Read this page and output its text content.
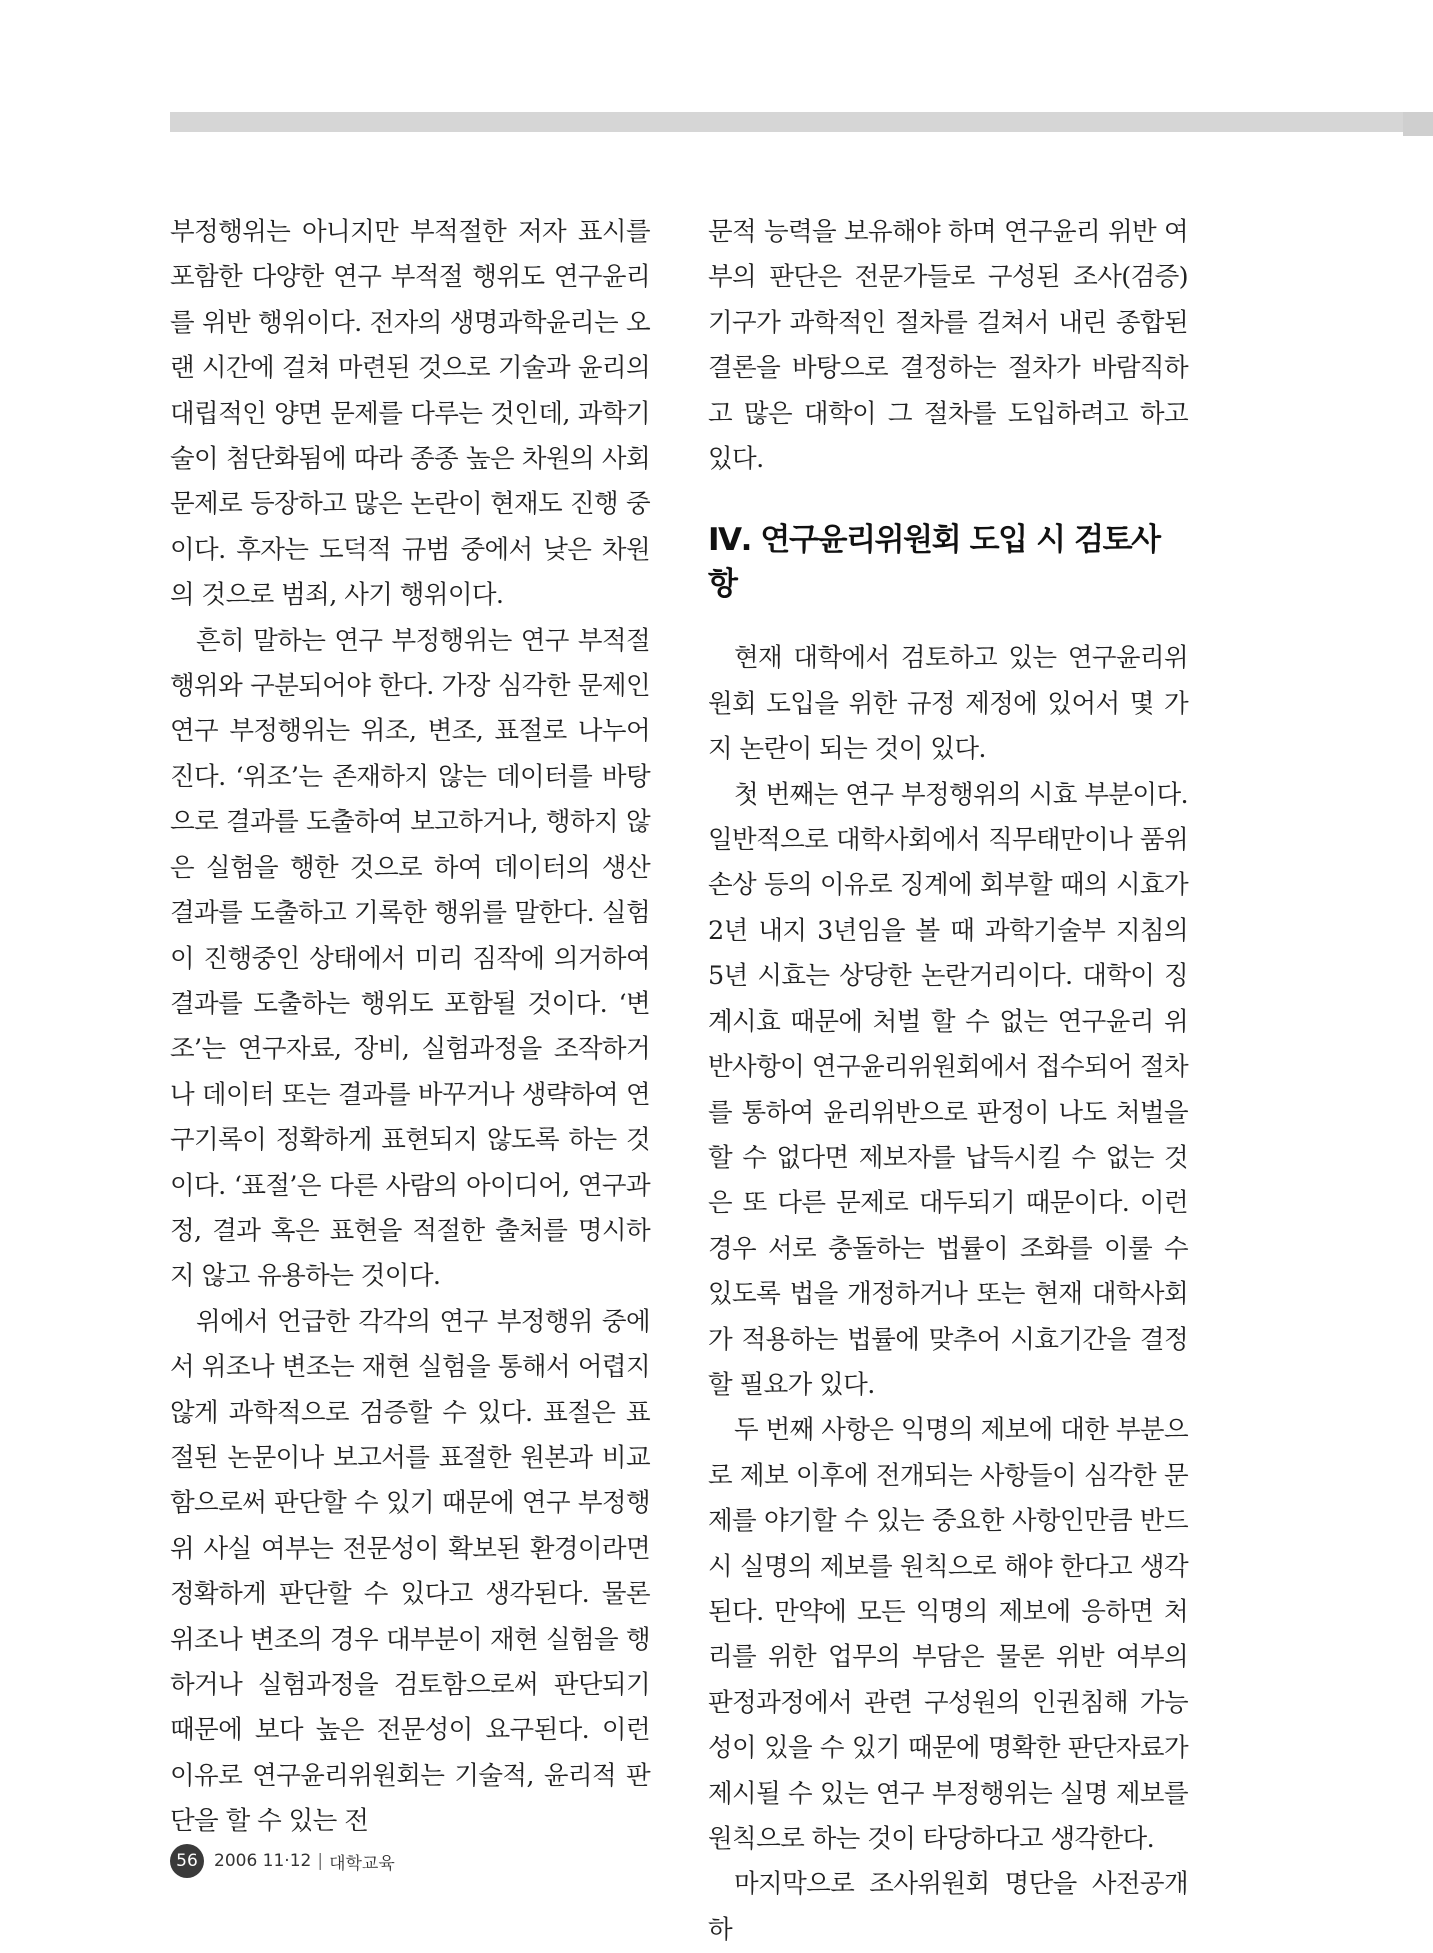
부정행위는 아니지만 부적절한 저자 표시를 포함한 다양한 연구 부적절 행위도 연구윤리를 위반 행위이다. 전자의 생명과학윤리는 오랜 시간에 걸쳐 마련된 것으로 기술과 윤리의 대립적인 양면 문제를 다루는 것인데, 과학기술이 첨단화됨에 따라 종종 높은 차원의 사회문제로 등장하고 많은 논란이 현재도 진행 중이다. 후자는 도덕적 규범 중에서 낮은 차원의 것으로 범죄, 사기 행위이다.

흔히 말하는 연구 부정행위는 연구 부적절 행위와 구분되어야 한다. 가장 심각한 문제인 연구 부정행위는 위조, 변조, 표절로 나누어진다. ‘위조’는 존재하지 않는 데이터를 바탕으로 결과를 도출하여 보고하거나, 행하지 않은 실험을 행한 것으로 하여 데이터의 생산 결과를 도출하고 기록한 행위를 말한다. 실험이 진행중인 상태에서 미리 짐작에 의거하여 결과를 도출하는 행위도 포함될 것이다. ‘변조’는 연구자료, 장비, 실험과정을 조작하거나 데이터 또는 결과를 바꾸거나 생략하여 연구기록이 정확하게 표현되지 않도록 하는 것이다. ‘표절’은 다른 사람의 아이디어, 연구과정, 결과 혹은 표현을 적절한 출처를 명시하지 않고 유용하는 것이다.

위에서 언급한 각각의 연구 부정행위 중에서 위조나 변조는 재현 실험을 통해서 어렵지 않게 과학적으로 검증할 수 있다. 표절은 표절된 논문이나 보고서를 표절한 원본과 비교함으로써 판단할 수 있기 때문에 연구 부정행위 사실 여부는 전문성이 확보된 환경이라면 정확하게 판단할 수 있다고 생각된다. 물론 위조나 변조의 경우 대부분이 재현 실험을 행하거나 실험과정을 검토함으로써 판단되기 때문에 보다 높은 전문성이 요구된다. 이런 이유로 연구윤리위원회는 기술적, 윤리적 판단을 할 수 있는 전

문적 능력을 보유해야 하며 연구윤리 위반 여부의 판단은 전문가들로 구성된 조사(검증) 기구가 과학적인 절차를 걸쳐서 내린 종합된 결론을 바탕으로 결정하는 절차가 바람직하고 많은 대학이 그 절차를 도입하려고 하고 있다.

Ⅳ. 연구윤리위원회 도입 시 검토사항

현재 대학에서 검토하고 있는 연구윤리위원회 도입을 위한 규정 제정에 있어서 몇 가지 논란이 되는 것이 있다.

첫 번째는 연구 부정행위의 시효 부분이다. 일반적으로 대학사회에서 직무태만이나 품위손상 등의 이유로 징계에 회부할 때의 시효가 2년 내지 3년임을 볼 때 과학기술부 지침의 5년 시효는 상당한 논란거리이다. 대학이 징계시효 때문에 처벌 할 수 없는 연구윤리 위반사항이 연구윤리위원회에서 접수되어 절차를 통하여 윤리위반으로 판정이 나도 처벌을 할 수 없다면 제보자를 납득시킬 수 없는 것은 또 다른 문제로 대두되기 때문이다. 이런 경우 서로 충돌하는 법률이 조화를 이룰 수 있도록 법을 개정하거나 또는 현재 대학사회가 적용하는 법률에 맞추어 시효기간을 결정할 필요가 있다.

두 번째 사항은 익명의 제보에 대한 부분으로 제보 이후에 전개되는 사항들이 심각한 문제를 야기할 수 있는 중요한 사항인만큼 반드시 실명의 제보를 원칙으로 해야 한다고 생각된다. 만약에 모든 익명의 제보에 응하면 처리를 위한 업무의 부담은 물론 위반 여부의 판정과정에서 관련 구성원의 인권침해 가능성이 있을 수 있기 때문에 명확한 판단자료가 제시될 수 있는 연구 부정행위는 실명 제보를 원칙으로 하는 것이 타당하다고 생각한다.

마지막으로 조사위원회 명단을 사전공개하

56 2006 11·12 | 대학교육
